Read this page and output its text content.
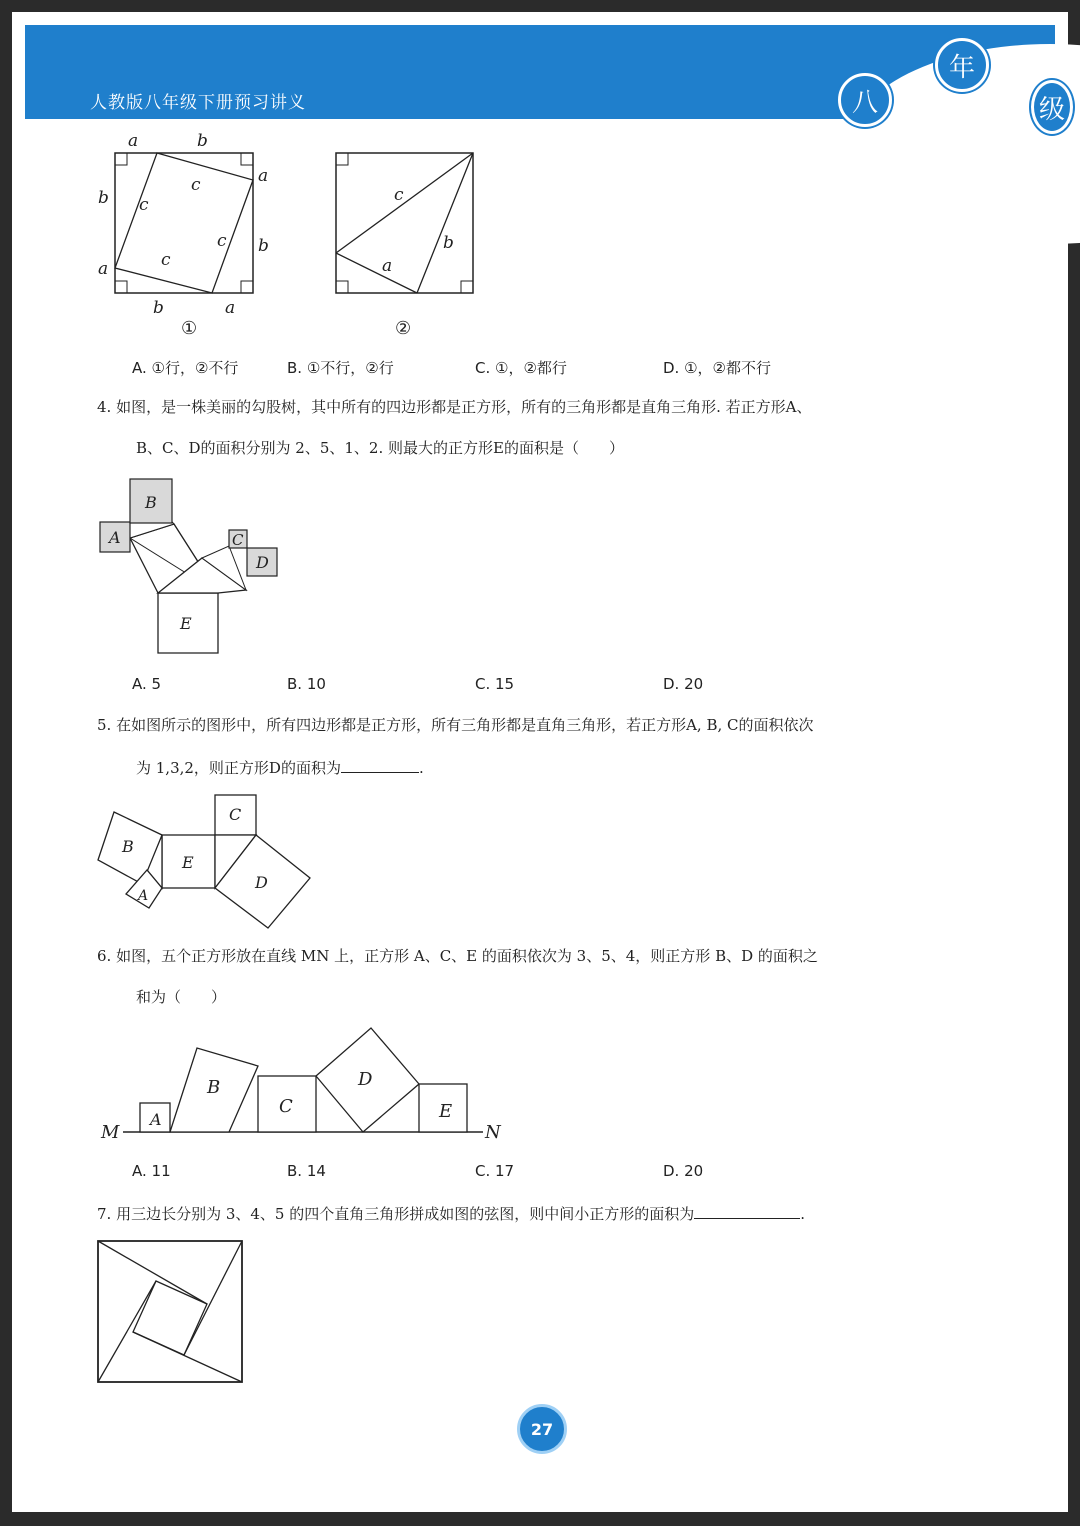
人教版八年级下册预习讲义	八
年
级
a	b
a
b
b
a
b	a
c
c
c
c
①
c
b
a
②
A. ①行，②不行	B. ①不行，②行	C. ①，②都行	D. ①，②都不行
4. 如图，是一株美丽的勾股树，其中所有的四边形都是正方形，所有的三角形都是直角三角形. 若正方形A、
B、C、D的面积分别为 2、5、1、2. 则最大的正方形E的面积是（　　）
A
B
C
D
E
A. 5	B. 10	C. 15	D. 20
5. 在如图所示的图形中，所有四边形都是正方形，所有三角形都是直角三角形，若正方形A, B, C的面积依次
为 1,3,2，则正方形D的面积为	.
C
B
E
D
A
6. 如图，五个正方形放在直线 MN 上，正方形 A、C、E 的面积依次为 3、5、4，则正方形 B、D 的面积之
和为（　　）
M	N
A
B
C
D
E
A. 11	B. 14	C. 17	D. 20
7. 用三边长分别为 3、4、5 的四个直角三角形拼成如图的弦图，则中间小正方形的面积为	.
27
